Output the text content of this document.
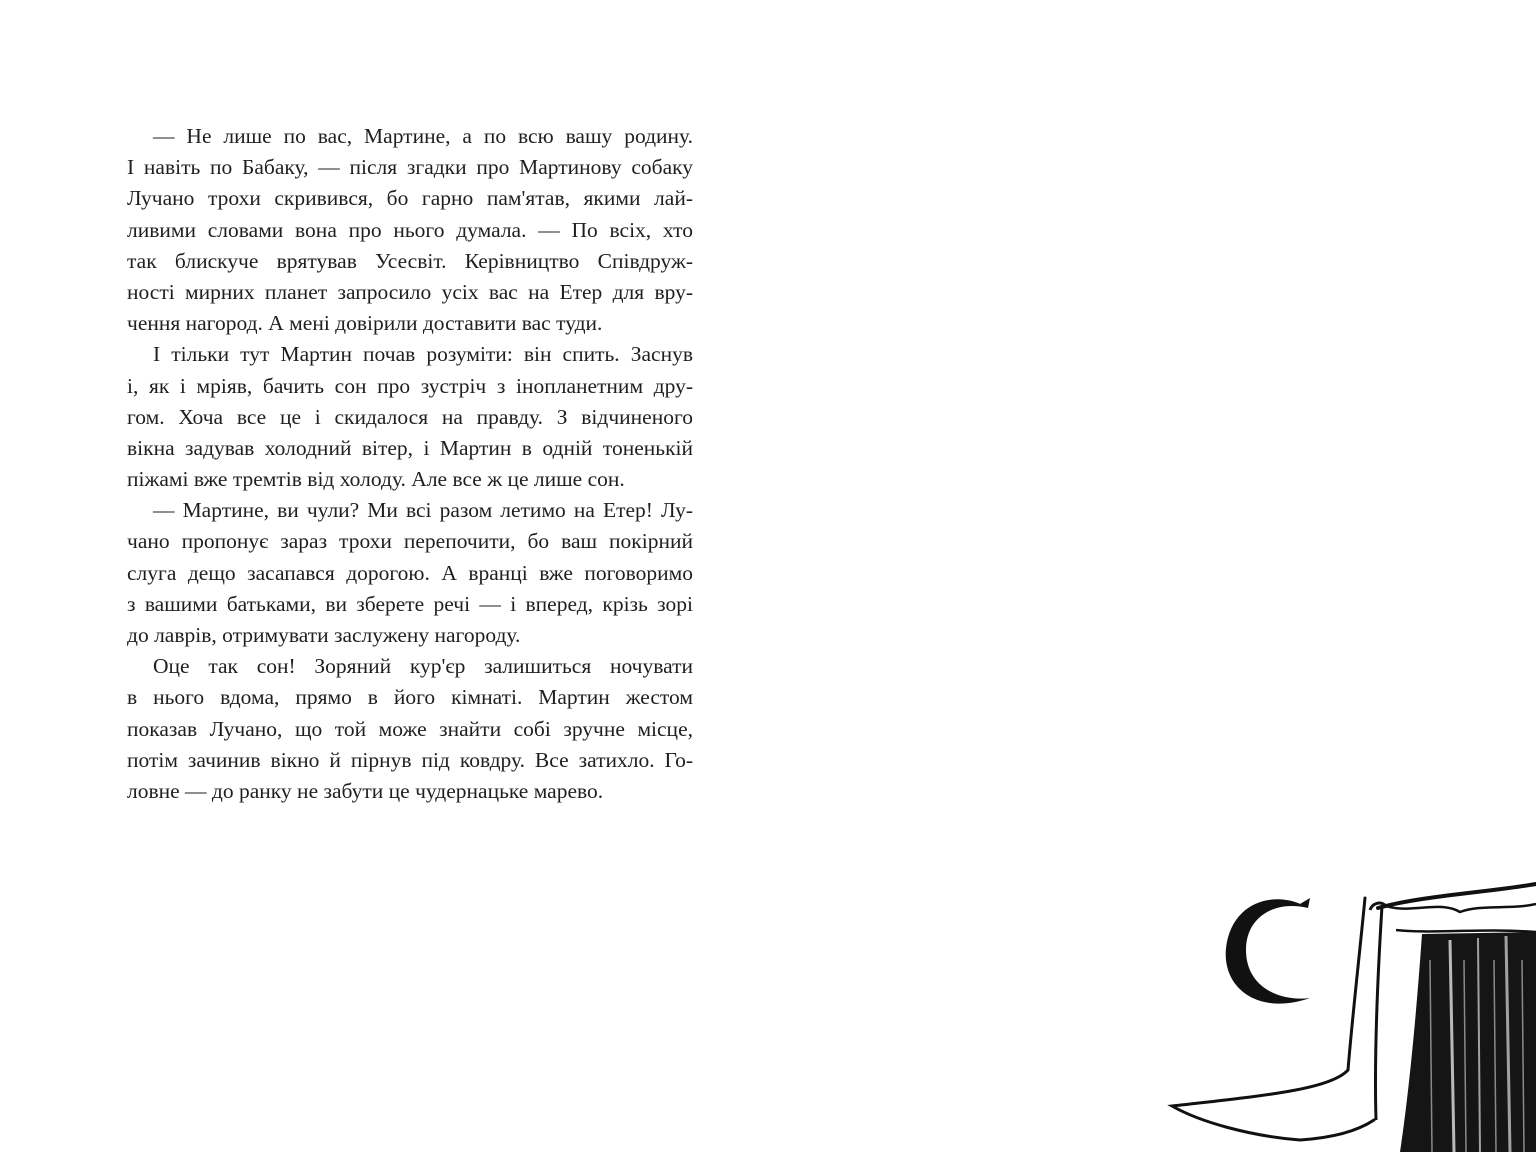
— Не лише по вас, Мартине, а по всю вашу родину.
І навіть по Бабаку, — після згадки про Мартинову собаку
Лучано трохи скривився, бо гарно пам'ятав, якими лай-
ливими словами вона про нього думала. — По всіх, хто
так блискуче врятував Усесвіт. Керівництво Співдруж-
ності мирних планет запросило усіх вас на Етер для вру-
чення нагород. А мені довірили доставити вас туди.
І тільки тут Мартин почав розуміти: він спить. Заснув
і, як і мріяв, бачить сон про зустріч з інопланетним дру-
гом. Хоча все це і скидалося на правду. З відчиненого
вікна задував холодний вітер, і Мартин в одній тоненькій
піжамі вже тремтів від холоду. Але все ж це лише сон.
— Мартине, ви чули? Ми всі разом летимо на Етер! Лу-
чано пропонує зараз трохи перепочити, бо ваш покірний
слуга дещо засапався дорогою. А вранці вже поговоримо
з вашими батьками, ви зберете речі — і вперед, крізь зорі
до лаврів, отримувати заслужену нагороду.
Оце так сон! Зоряний кур'єр залишиться ночувати
в нього вдома, прямо в його кімнаті. Мартин жестом
показав Лучано, що той може знайти собі зручне місце,
потім зачинив вікно й пірнув під ковдру. Все затихло. Го-
ловне — до ранку не забути це чудернацьке марево.
